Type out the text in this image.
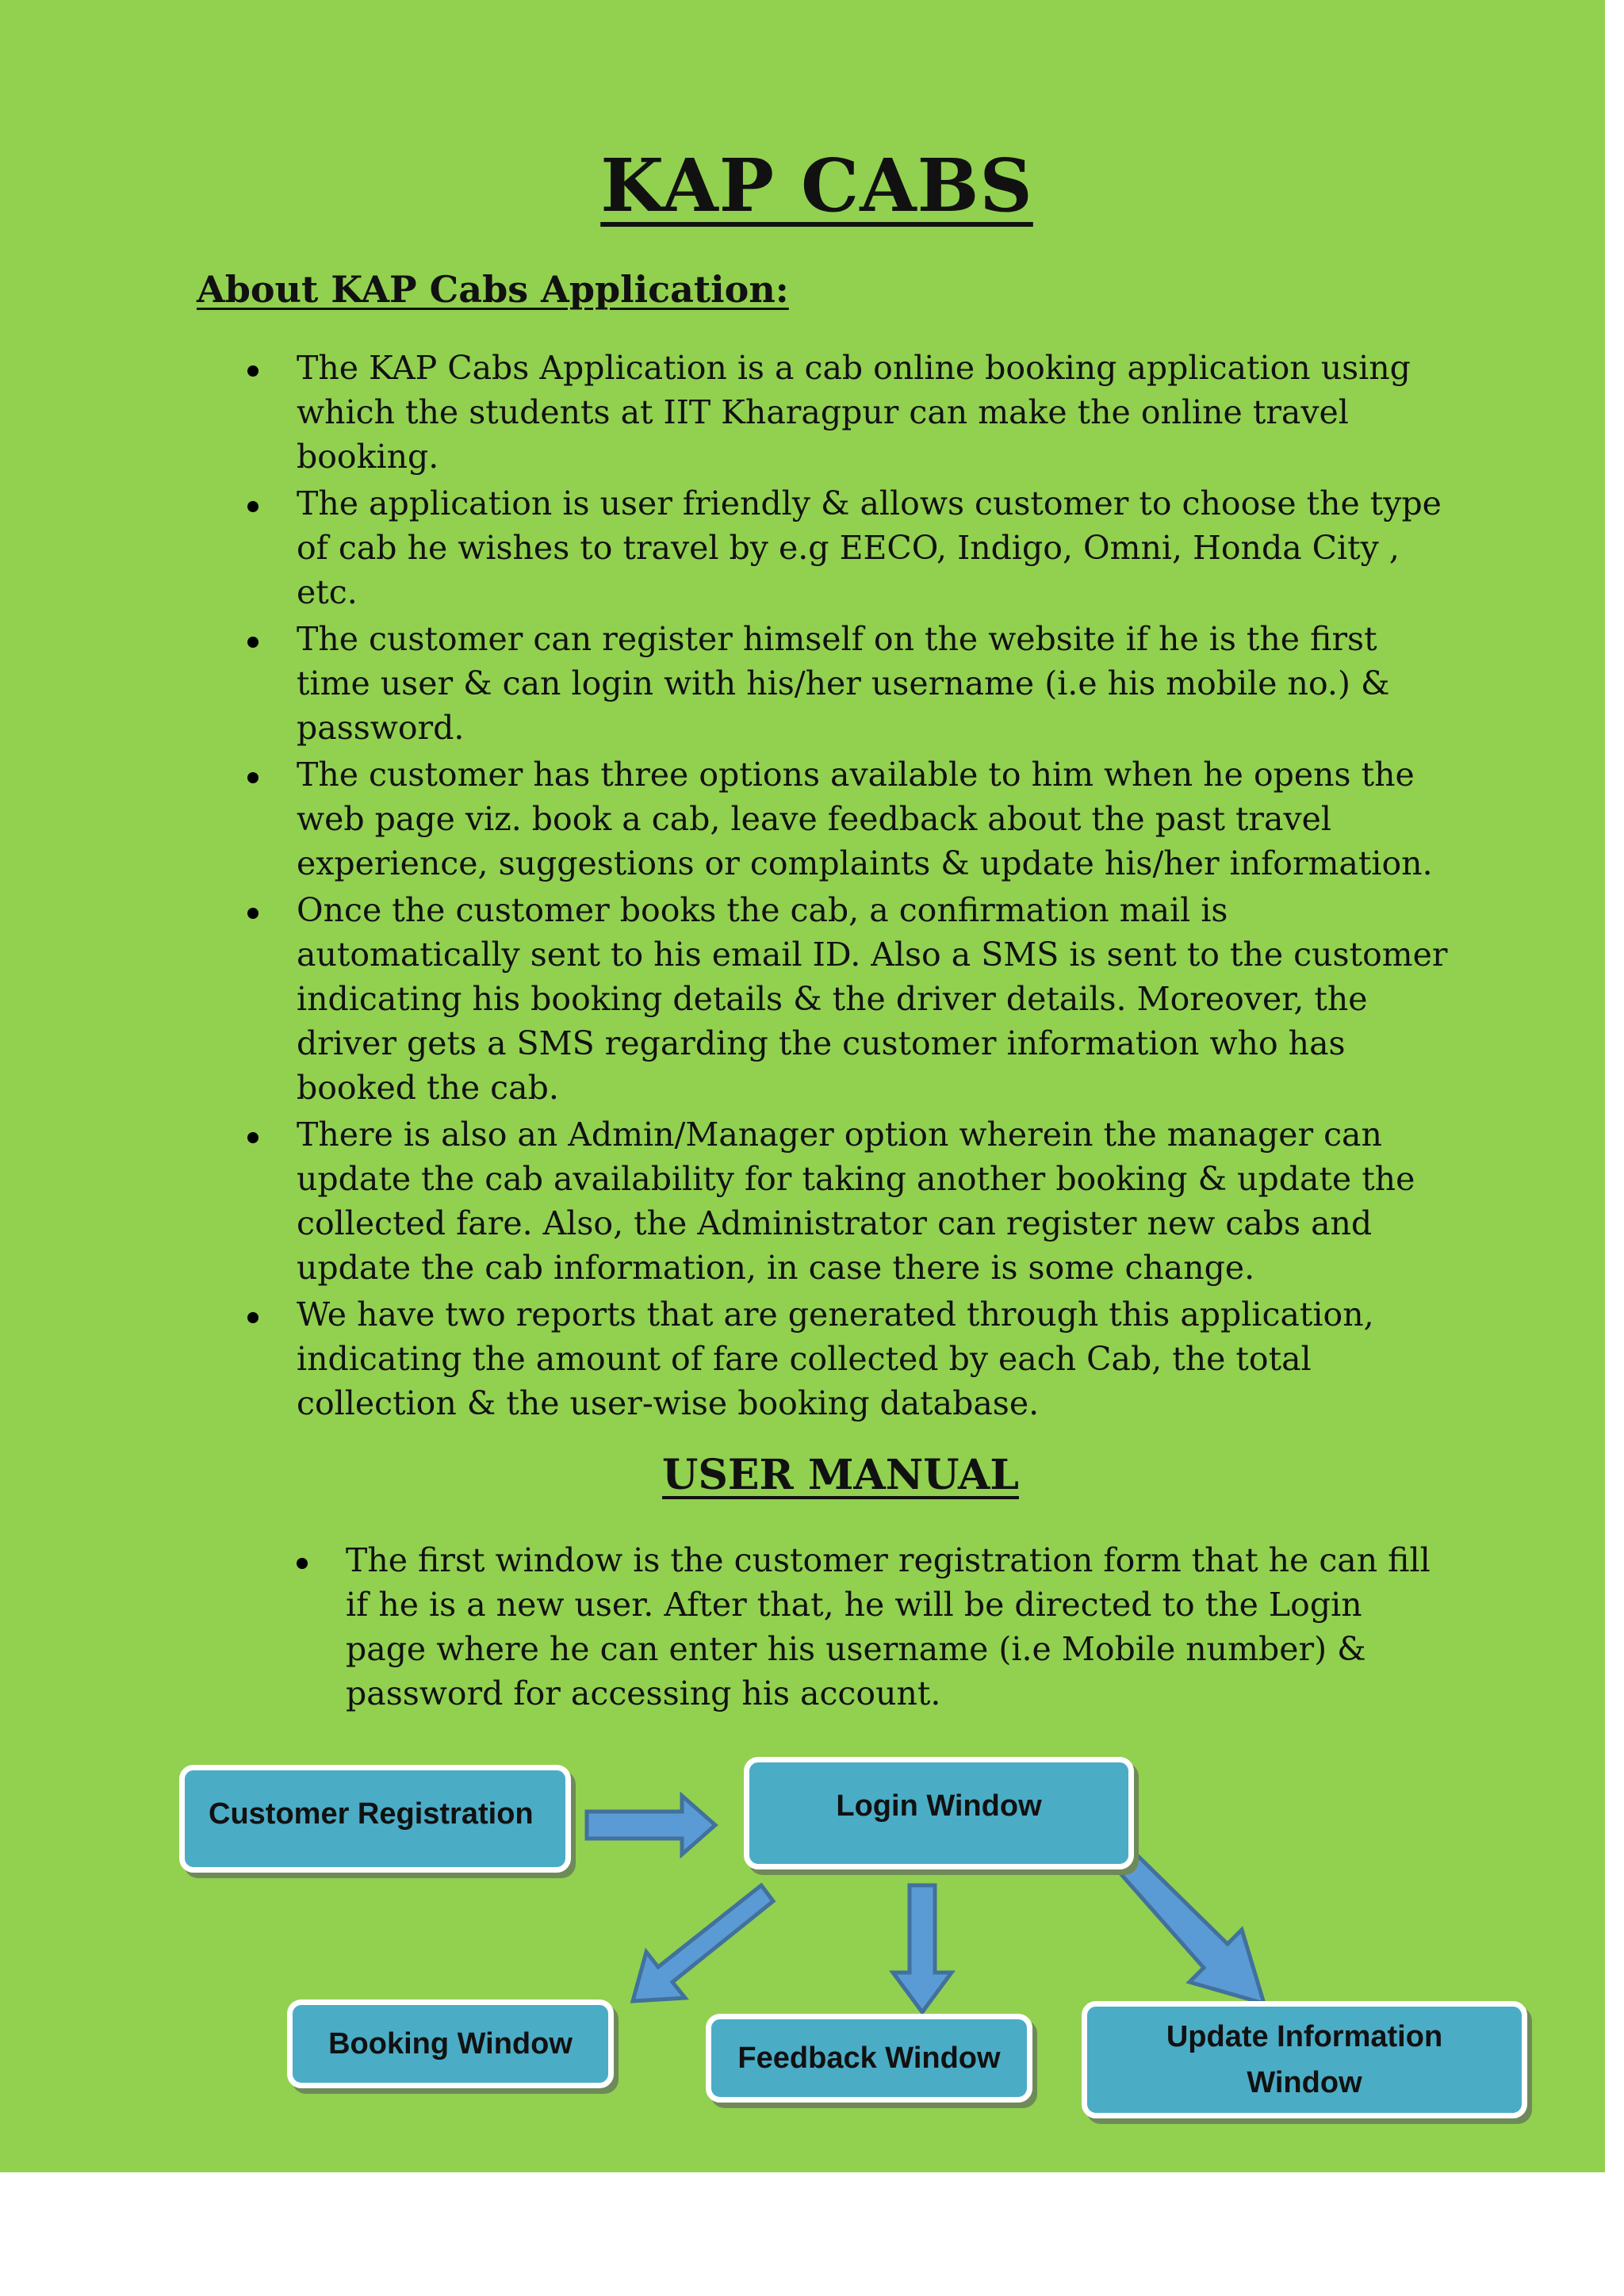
KAP CABS
About KAP Cabs Application:
The KAP Cabs Application is a cab online booking application using which the students at IIT Kharagpur can make the online travel booking.
The application is user friendly & allows customer to choose the type of cab he wishes to travel by e.g EECO, Indigo, Omni, Honda City , etc.
The customer can register himself on the website if he is the first time user & can login with his/her username (i.e his mobile no.) & password.
The customer has three options available to him when he opens the web page viz. book a cab, leave feedback about the past travel experience, suggestions or complaints & update his/her information.
Once the customer books the cab, a confirmation mail is automatically sent to his email ID. Also a SMS is sent to the customer indicating his booking details & the driver details. Moreover, the driver gets a SMS regarding the customer information who has booked the cab.
There is also an Admin/Manager option wherein the manager can update the cab availability for taking another booking & update the collected fare. Also, the Administrator can register new cabs and update the cab information, in case there is some change.
We have two reports that are generated through this application, indicating the amount of fare collected by each Cab, the total collection & the user-wise booking database.
USER MANUAL
The first window is the customer registration form that he can fill if he is a new user. After that, he will be directed to the Login page where he can enter his username (i.e Mobile number) & password for accessing his account.
Customer Registration	Login Window
Booking Window	Feedback Window
Update Information Window
